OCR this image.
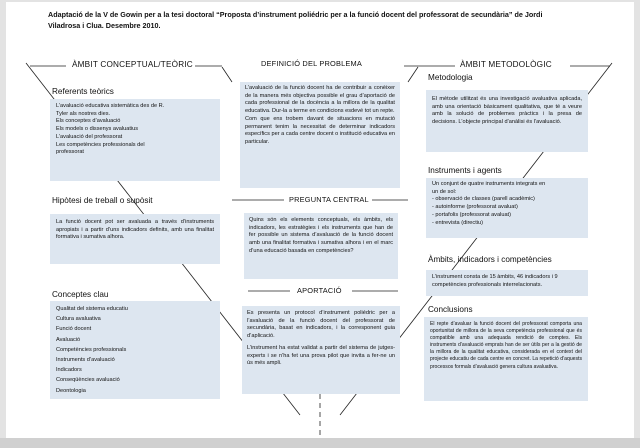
Adaptació de la V de Gowin per a la tesi doctoral “Proposta d’instrument poliédric per a la funció docent del professorat de secundària” de Jordi
Viladrosa i Clua. Desembre 2010.
ÀMBIT CONCEPTUAL/TEÒRIC
Referents teòrics

L’avaluació educativa sistemàtica des de R.

Tyler als nostres dies.

Els conceptes d’avaluació

Els models o dissenys avaluatius

L’avaluació del professorat

Les competències professionals del

professorat

Hipòtesi de treball o supòsit

La funció docent pot ser avaluada a través d’instruments apropiats i a partir d’uns indicadors definits, amb una finalitat formativa i sumativa alhora.

Conceptes clau

Qualitat del sistema educatiu

Cultura avaluativa

Funció docent

Avaluació

Competències professionals

Instruments d’avaluació

Indicadors

Conseqüències avaluació

Deontologia

DEFINICIÓ DEL PROBLEMA

L’avaluació de la funció docent ha de contribuir a conèixer de la manera més objectiva possible el grau d’aportació de cada professional de la docència a la millora de la qualitat educativa. Dur-la a terme en condicions esdevé tot un repte.

Com que ens trobem davant de situacions en mutació permanent tenim la necessitat de determinar indicadors específics per a cada centre docent o institució educativa en particular.

PREGUNTA CENTRAL

Quins són els elements conceptuals, els àmbits, els indicadors, les estratègies i els instruments que han de fer possible un sistema d’avaluació de la funció docent amb una finalitat formativa i sumativa alhora i en el marc d’una educació basada en competències?

APORTACIÓ

Es presenta un protocol d’instrument poliédric per a l’avaluació de la funció docent del professorat de secundària, basat en indicadors, i la corresponent guia d’aplicació.

L’instrument ha estat validat a partir del sistema de jutges-experts i se n’ha fet una prova pilot que invita a fer-ne un ús més ampli.

ÀMBIT METODOLÒGIC
Metodologia

El mètode utilitzat és una investigació avaluativa aplicada, amb una orientació bàsicament qualitativa, que té a veure amb la solució de problemes pràctics i la presa de decisions. L’objecte principal d’anàlisi és l’avaluació.

Instruments i agents

Un conjunt de quatre instruments integrats en

un de sol:

- observació de classes (parell acadèmic)

- autoinforme (professorat avaluat)

- portafolis (professorat avaluat)

- entrevista (directiu)

Àmbits, indicadors i competències

L’instrument consta de 15 àmbits, 46 indicadors i 9 competències professionals interrelacionats.

Conclusions

El repte d’avaluar la funció docent del professorat comporta una oportunitat de millora de la seva competència professional que és compatible amb una adequada rendició de comptes. Els instruments d’avaluació emprats han de ser útils per a la gestió de la millora de la qualitat educativa, considerada en el context del projecte educatiu de cada centre en concret. La repetició d’aquests processos formals d’avaluació genera cultura avaluativa.
